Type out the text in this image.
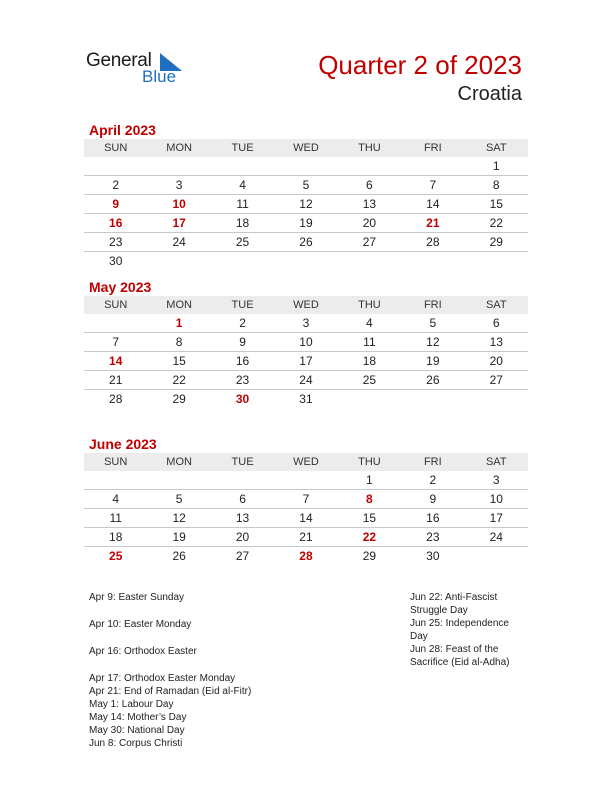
General
Blue	Quarter 2 of 2023
Croatia
April 2023
SUN	MON	TUE	WED	THU	FRI	SAT
						1
2	3	4	5	6	7	8
9	10	11	12	13	14	15
16	17	18	19	20	21	22
23	24	25	26	27	28	29
30						
May 2023
SUN	MON	TUE	WED	THU	FRI	SAT
	1	2	3	4	5	6
7	8	9	10	11	12	13
14	15	16	17	18	19	20
21	22	23	24	25	26	27
28	29	30	31			
June 2023
SUN	MON	TUE	WED	THU	FRI	SAT
				1	2	3
4	5	6	7	8	9	10
11	12	13	14	15	16	17
18	19	20	21	22	23	24
25	26	27	28	29	30	
Apr 9: Easter Sunday
Apr 10: Easter Monday
Apr 16: Orthodox Easter
Apr 17: Orthodox Easter Monday
Apr 21: End of Ramadan (Eid al-Fitr)
May 1: Labour Day
May 14: Mother’s Day
May 30: National Day
Jun 8: Corpus Christi
Jun 22: Anti-Fascist
Struggle Day
Jun 25: Independence
Day
Jun 28: Feast of the
Sacrifice (Eid al-Adha)
